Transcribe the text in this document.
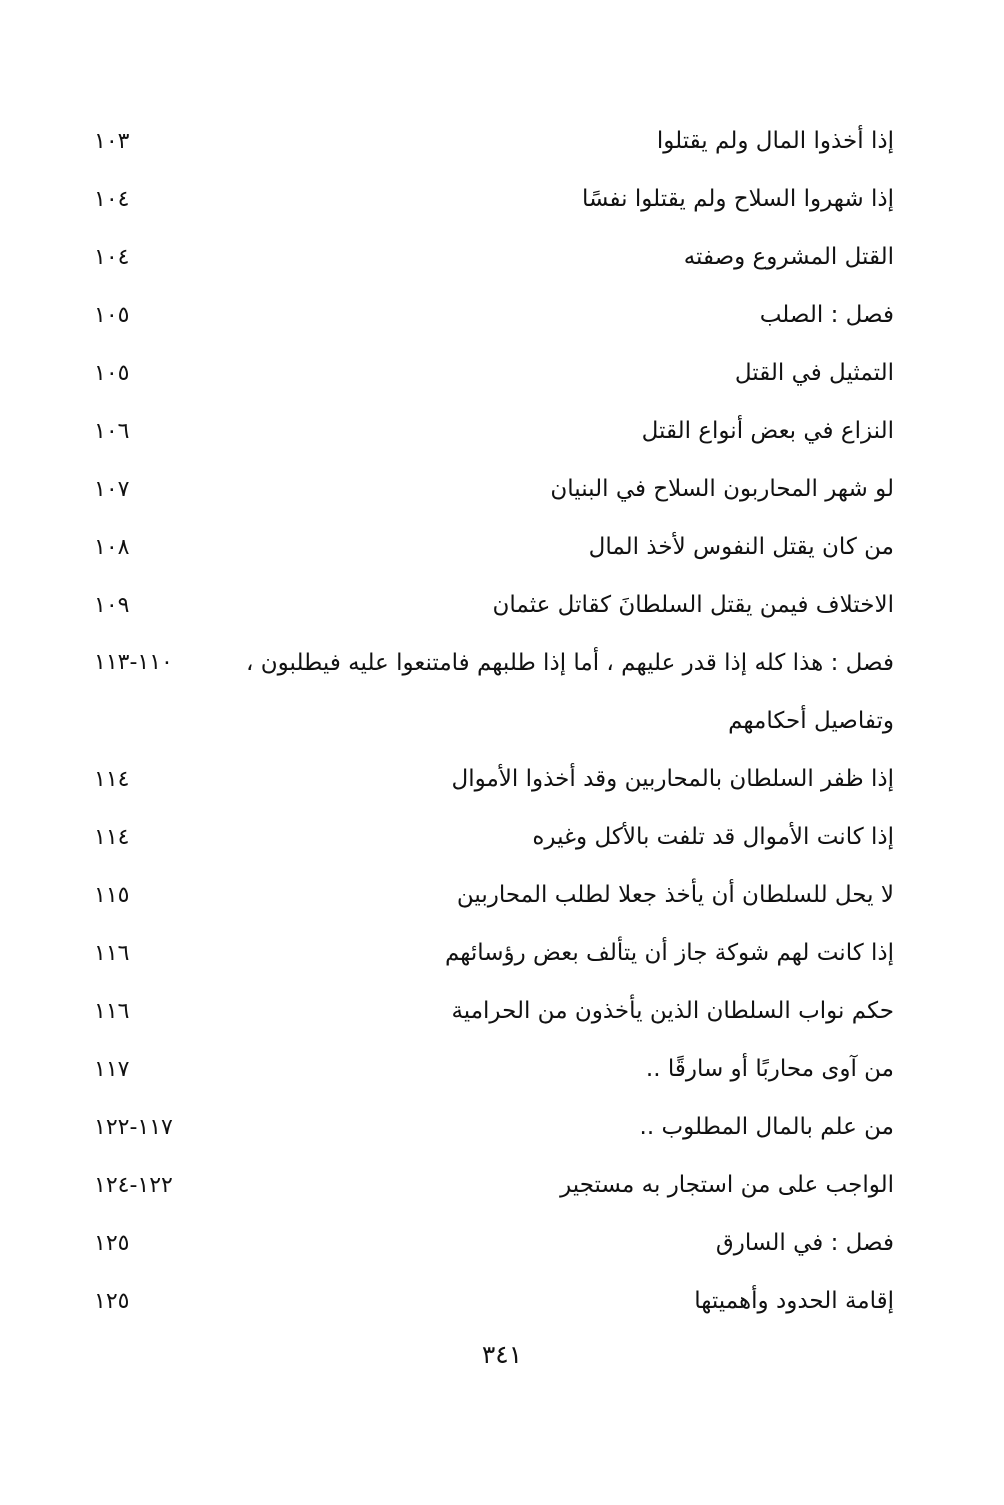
إذا أخذوا المال ولم يقتلوا
١٠٣
إذا شهروا السلاح ولم يقتلوا نفسًا
١٠٤
القتل المشروع وصفته
١٠٤
فصل : الصلب
١٠٥
التمثيل في القتل
١٠٥
النزاع في بعض أنواع القتل
١٠٦
لو شهر المحاربون السلاح في البنيان
١٠٧
من كان يقتل النفوس لأخذ المال
١٠٨
الاختلاف فيمن يقتل السلطانَ كقاتل عثمان
١٠٩
فصل : هذا كله إذا قدر عليهم ، أما إذا طلبهم فامتنعوا عليه فيطلبون ، وتفاصيل أحكامهم
١١٠-١١٣
إذا ظفر السلطان بالمحاربين وقد أخذوا الأموال
١١٤
إذا كانت الأموال قد تلفت بالأكل وغيره
١١٤
لا يحل للسلطان أن يأخذ جعلا لطلب المحاربين
١١٥
إذا كانت لهم شوكة جاز أن يتألف بعض رؤسائهم
١١٦
حكم نواب السلطان الذين يأخذون من الحرامية
١١٦
من آوى محاربًا أو سارقًا ..
١١٧
من علم بالمال المطلوب ..
١١٧-١٢٢
الواجب على من استجار به مستجير
١٢٢-١٢٤
فصل : في السارق
١٢٥
إقامة الحدود وأهميتها
١٢٥
٣٤١
